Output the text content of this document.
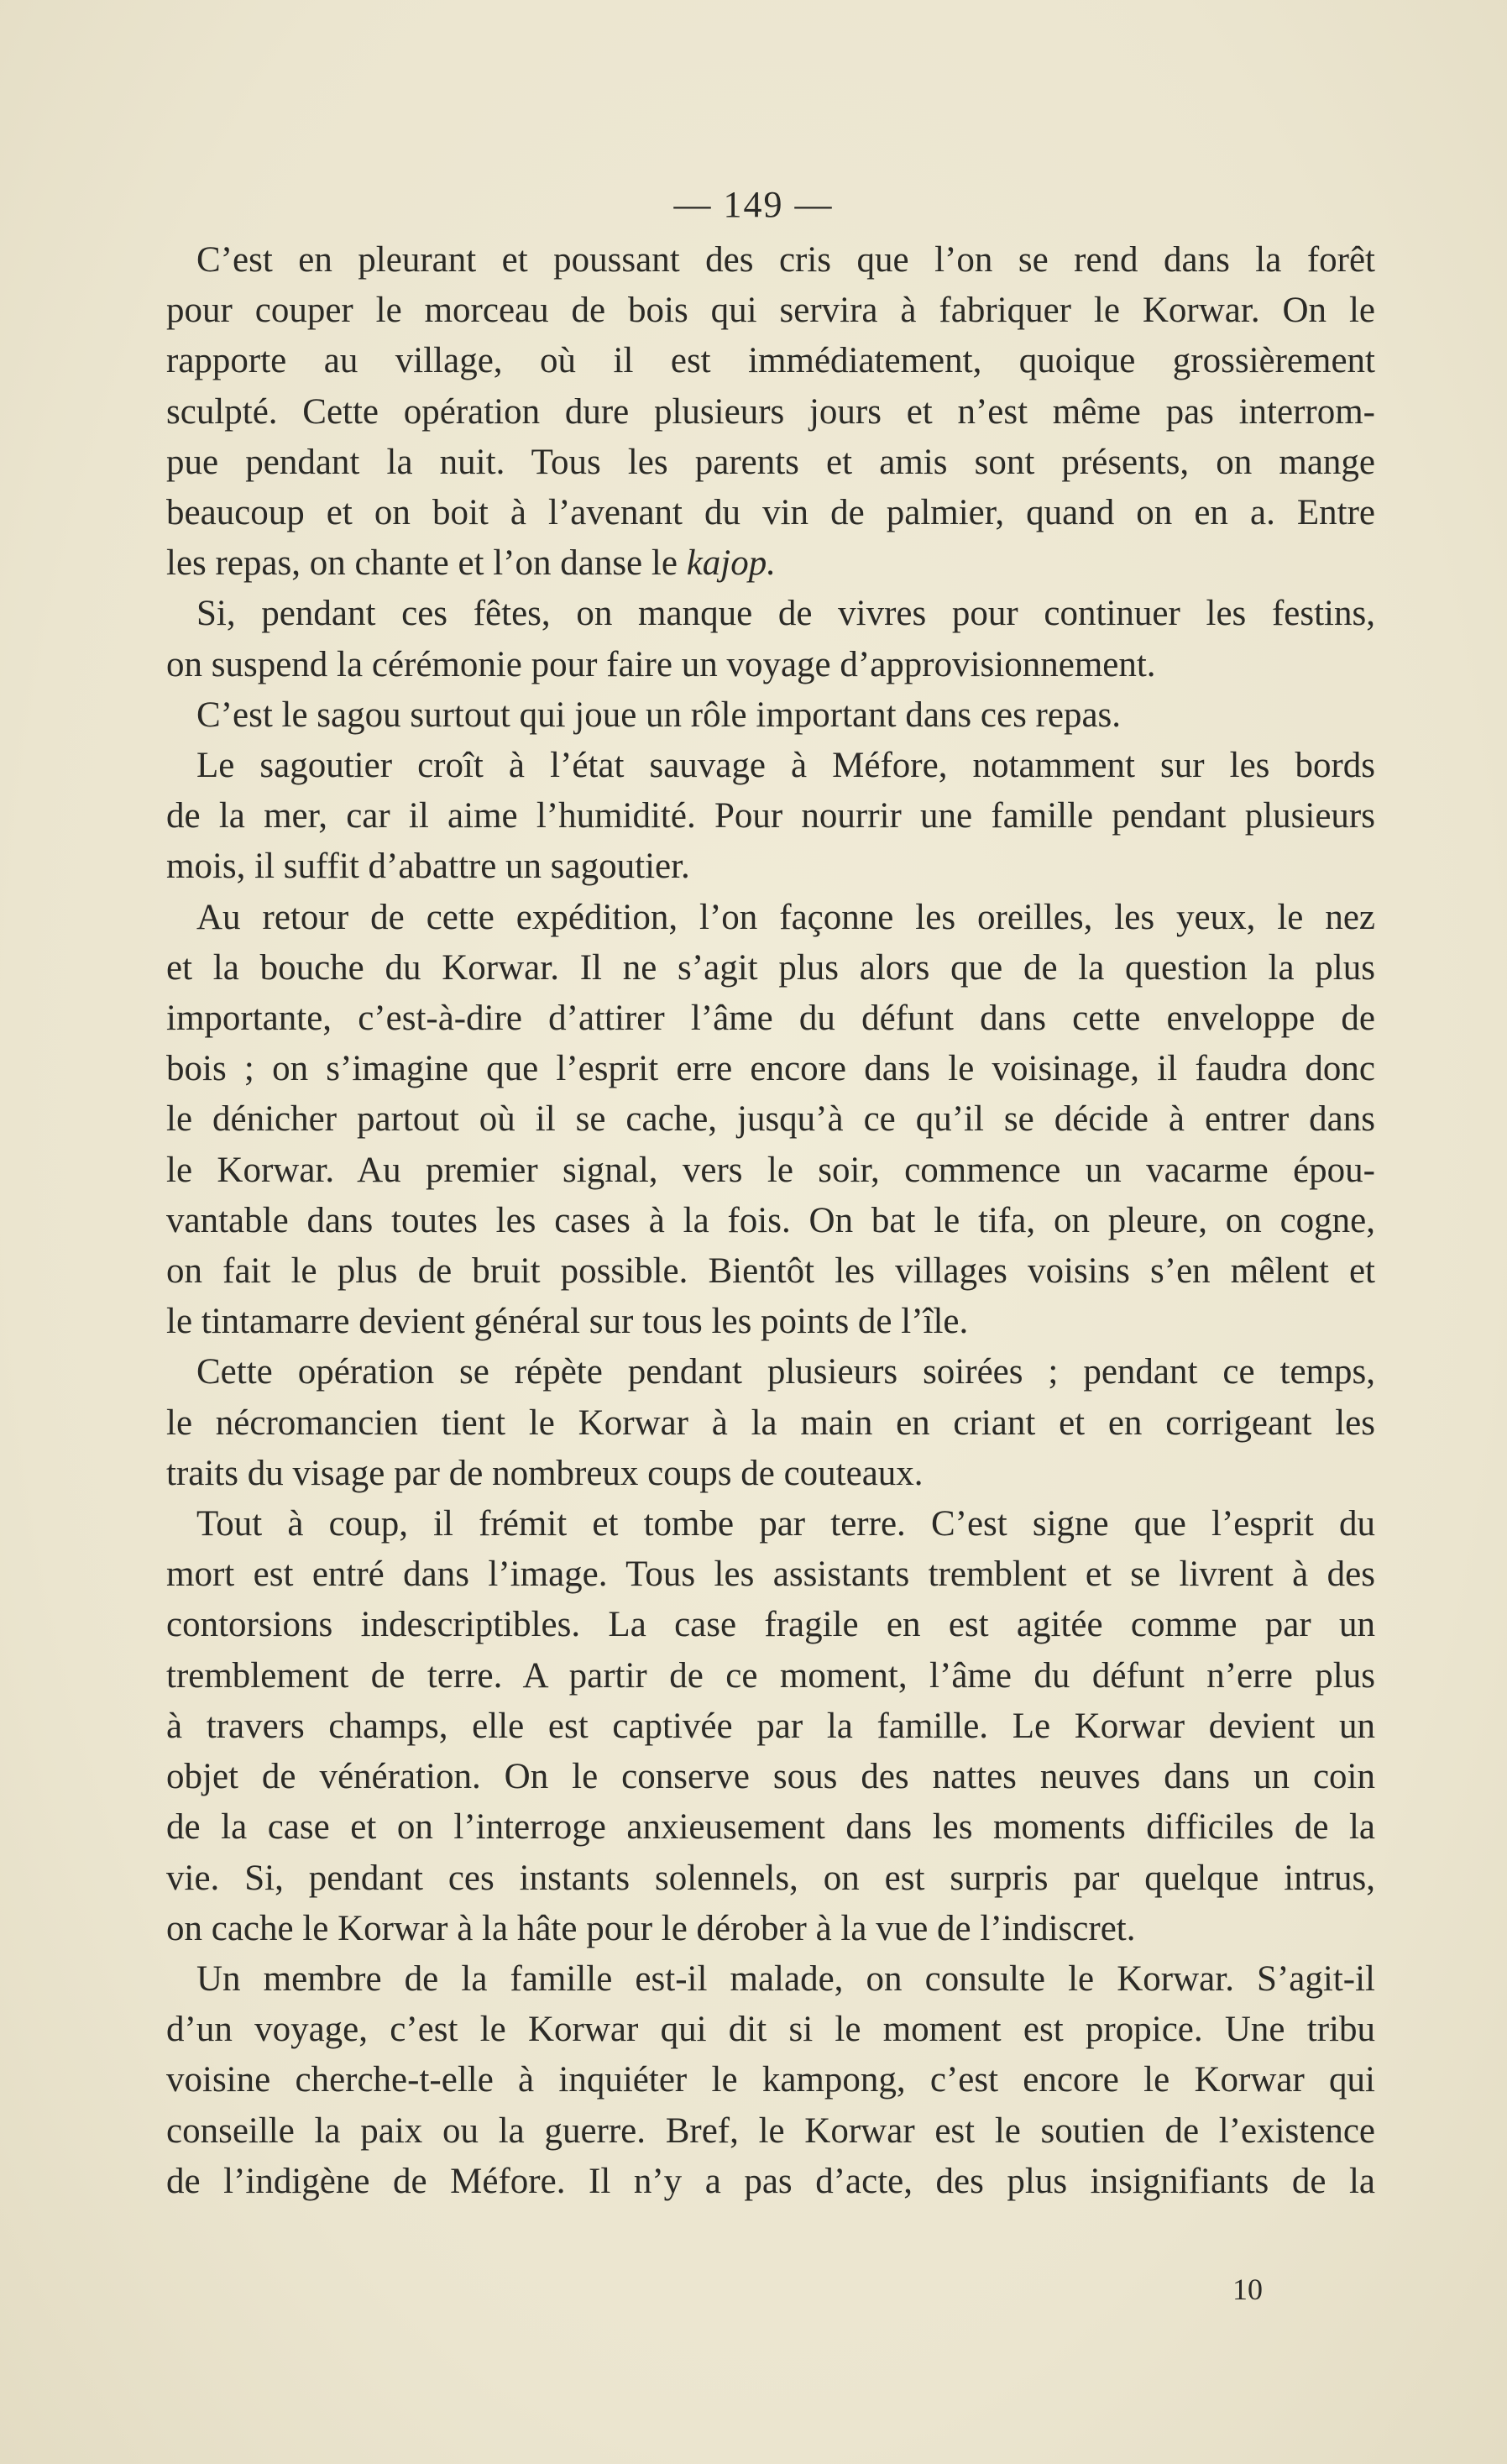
— 149 —

C’est en pleurant et poussant des cris que l’on se rend dans la forêt
pour couper le morceau de bois qui servira à fabriquer le Korwar. On le
rapporte au village, où il est immédiatement, quoique grossièrement
sculpté. Cette opération dure plusieurs jours et n’est même pas interrom-
pue pendant la nuit. Tous les parents et amis sont présents, on mange
beaucoup et on boit à l’avenant du vin de palmier, quand on en a. Entre
les repas, on chante et l’on danse le kajop.

Si, pendant ces fêtes, on manque de vivres pour continuer les festins,
on suspend la cérémonie pour faire un voyage d’approvisionnement.

C’est le sagou surtout qui joue un rôle important dans ces repas.

Le sagoutier croît à l’état sauvage à Méfore, notamment sur les bords
de la mer, car il aime l’humidité. Pour nourrir une famille pendant plusieurs
mois, il suffit d’abattre un sagoutier.

Au retour de cette expédition, l’on façonne les oreilles, les yeux, le nez
et la bouche du Korwar. Il ne s’agit plus alors que de la question la plus
importante, c’est-à-dire d’attirer l’âme du défunt dans cette enveloppe de
bois ; on s’imagine que l’esprit erre encore dans le voisinage, il faudra donc
le dénicher partout où il se cache, jusqu’à ce qu’il se décide à entrer dans
le Korwar. Au premier signal, vers le soir, commence un vacarme épou-
vantable dans toutes les cases à la fois. On bat le tifa, on pleure, on cogne,
on fait le plus de bruit possible. Bientôt les villages voisins s’en mêlent et
le tintamarre devient général sur tous les points de l’île.

Cette opération se répète pendant plusieurs soirées ; pendant ce temps,
le nécromancien tient le Korwar à la main en criant et en corrigeant les
traits du visage par de nombreux coups de couteaux.

Tout à coup, il frémit et tombe par terre. C’est signe que l’esprit du
mort est entré dans l’image. Tous les assistants tremblent et se livrent à des
contorsions indescriptibles. La case fragile en est agitée comme par un
tremblement de terre. A partir de ce moment, l’âme du défunt n’erre plus
à travers champs, elle est captivée par la famille. Le Korwar devient un
objet de vénération. On le conserve sous des nattes neuves dans un coin
de la case et on l’interroge anxieusement dans les moments difficiles de la
vie. Si, pendant ces instants solennels, on est surpris par quelque intrus,
on cache le Korwar à la hâte pour le dérober à la vue de l’indiscret.

Un membre de la famille est-il malade, on consulte le Korwar. S’agit-il
d’un voyage, c’est le Korwar qui dit si le moment est propice. Une tribu
voisine cherche-t-elle à inquiéter le kampong, c’est encore le Korwar qui
conseille la paix ou la guerre. Bref, le Korwar est le soutien de l’existence
de l’indigène de Méfore. Il n’y a pas d’acte, des plus insignifiants de la

10
